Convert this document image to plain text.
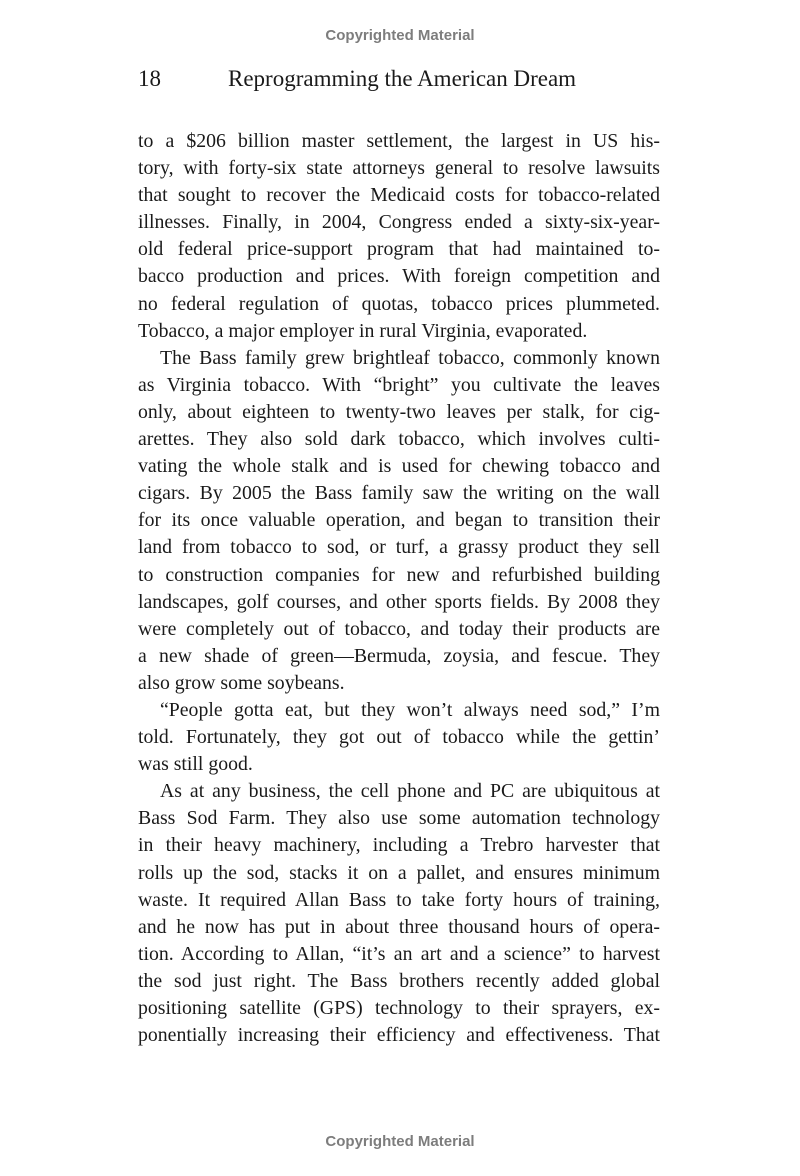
Copyrighted Material
18	Reprogramming the American Dream
to a $206 billion master settlement, the largest in US his-
tory, with forty-six state attorneys general to resolve lawsuits
that sought to recover the Medicaid costs for tobacco-related
illnesses. Finally, in 2004, Congress ended a sixty-six-year-
old federal price-support program that had maintained to-
bacco production and prices. With foreign competition and
no federal regulation of quotas, tobacco prices plummeted.
Tobacco, a major employer in rural Virginia, evaporated.
The Bass family grew brightleaf tobacco, commonly known
as Virginia tobacco. With “bright” you cultivate the leaves
only, about eighteen to twenty-two leaves per stalk, for cig-
arettes. They also sold dark tobacco, which involves culti-
vating the whole stalk and is used for chewing tobacco and
cigars. By 2005 the Bass family saw the writing on the wall
for its once valuable operation, and began to transition their
land from tobacco to sod, or turf, a grassy product they sell
to construction companies for new and refurbished building
landscapes, golf courses, and other sports fields. By 2008 they
were completely out of tobacco, and today their products are
a new shade of green—Bermuda, zoysia, and fescue. They
also grow some soybeans.
“People gotta eat, but they won’t always need sod,” I’m
told. Fortunately, they got out of tobacco while the gettin’
was still good.
As at any business, the cell phone and PC are ubiquitous at
Bass Sod Farm. They also use some automation technology
in their heavy machinery, including a Trebro harvester that
rolls up the sod, stacks it on a pallet, and ensures minimum
waste. It required Allan Bass to take forty hours of training,
and he now has put in about three thousand hours of opera-
tion. According to Allan, “it’s an art and a science” to harvest
the sod just right. The Bass brothers recently added global
positioning satellite (GPS) technology to their sprayers, ex-
ponentially increasing their efficiency and effectiveness. That
Copyrighted Material
